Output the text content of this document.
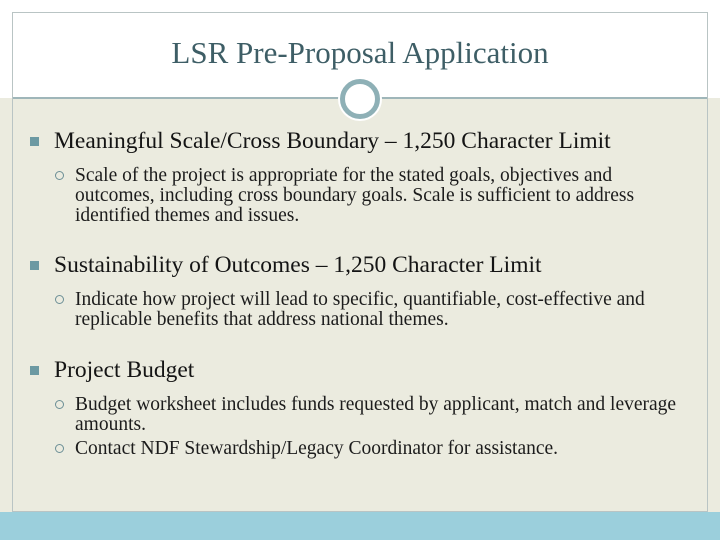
LSR Pre-Proposal Application
Meaningful Scale/Cross Boundary – 1,250 Character Limit
Scale of the project is appropriate for the stated goals, objectives and outcomes, including cross boundary goals. Scale is sufficient to address identified themes and issues.
Sustainability of Outcomes – 1,250 Character Limit
Indicate how project will lead to specific, quantifiable, cost-effective and replicable benefits that address national themes.
Project Budget
Budget worksheet includes funds requested by applicant, match and leverage amounts.
Contact NDF Stewardship/Legacy Coordinator for assistance.
